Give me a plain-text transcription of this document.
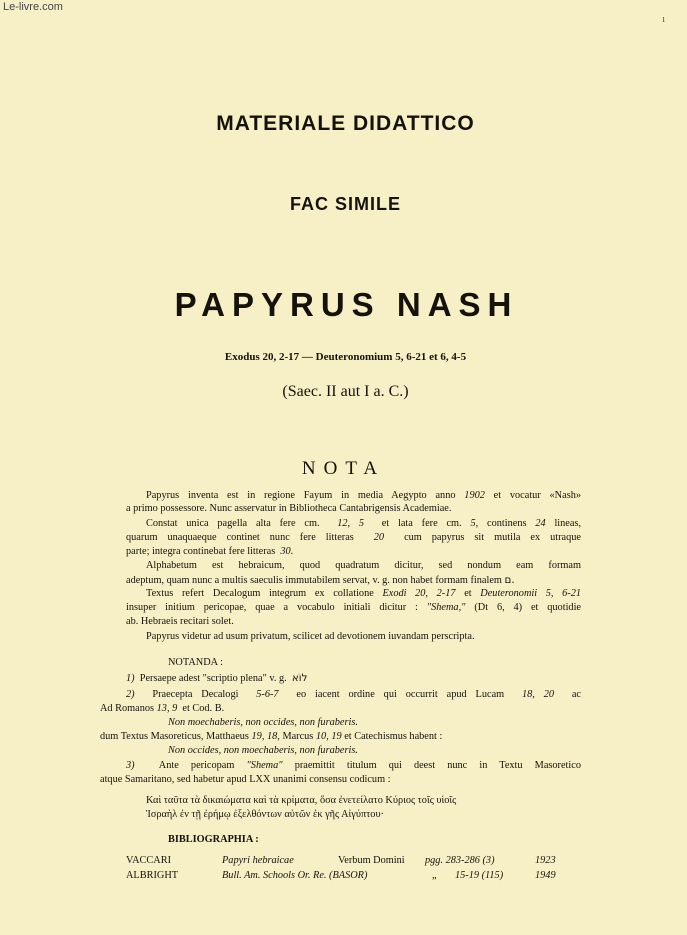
Le-livre.com
ı
MATERIALE DIDATTICO
FAC SIMILE
PAPYRUS NASH
Exodus 20, 2-17 — Deuteronomium 5, 6-21 et 6, 4-5
(Saec. II aut I a. C.)
NOTA
Papyrus inventa est in regione Fayum in media Aegypto anno 1902 et vocatur «Nash»
a primo possessore. Nunc asservatur in Bibliotheca Cantabrigensis Academiae.
Constat unica pagella alta fere cm. 12, 5 et lata fere cm. 5, continens 24 lineas,
quarum unaquaeque continet nunc fere litteras 20 cum papyrus sit mutila ex utraque
parte; integra continebat fere litteras 30.
Alphabetum est hebraicum, quod quadratum dicitur, sed nondum eam formam
adeptum, quam nunc a multis saeculis immutabilem servat, v. g. non habet formam finalem ם.
Textus refert Decalogum integrum ex collatione Exodi 20, 2-17 et Deuteronomii 5, 6-21
insuper initium pericopae, quae a vocabulo initiali dicitur : "Shema," (Dt 6, 4) et quotidie
ab. Hebraeis recitari solet.
Papyrus videtur ad usum privatum, scilicet ad devotionem iuvandam perscripta.
NOTANDA :
1) Persaepe adest "scriptio plena" v. g. לוֹא
2) Praecepta Decalogi 5-6-7 eo iacent ordine qui occurrit apud Lucam 18, 20 ac
Ad Romanos 13, 9 et Cod. B.
Non moechaberis, non occides, non furaberis.
dum Textus Masoreticus, Matthaeus 19, 18, Marcus 10, 19 et Catechismus habent :
Non occides, non moechaberis, non furaberis.
3) Ante pericopam "Shema" praemittit titulum qui deest nunc in Textu Masoretico
atque Samaritano, sed habetur apud LXX unanimi consensu codicum :
Καὶ ταῦτα τὰ δικαιώματα καὶ τὰ κρίματα, ὅσα ἐνετείλατο Κύριος τοῖς υἱοῖς
Ἰσραὴλ ἐν τῇ ἐρήμῳ ἐξελθόντων αὐτῶν ἐκ γῆς Αἰγύπτου·
BIBLIOGRAPHIA :
VACCARI	Papyri hebraicae	Verbum Domini pgg. 283-286 (3)	1923
ALBRIGHT	Bull. Am. Schools Or. Re. (BASOR)	„ 15-19 (115)	1949
